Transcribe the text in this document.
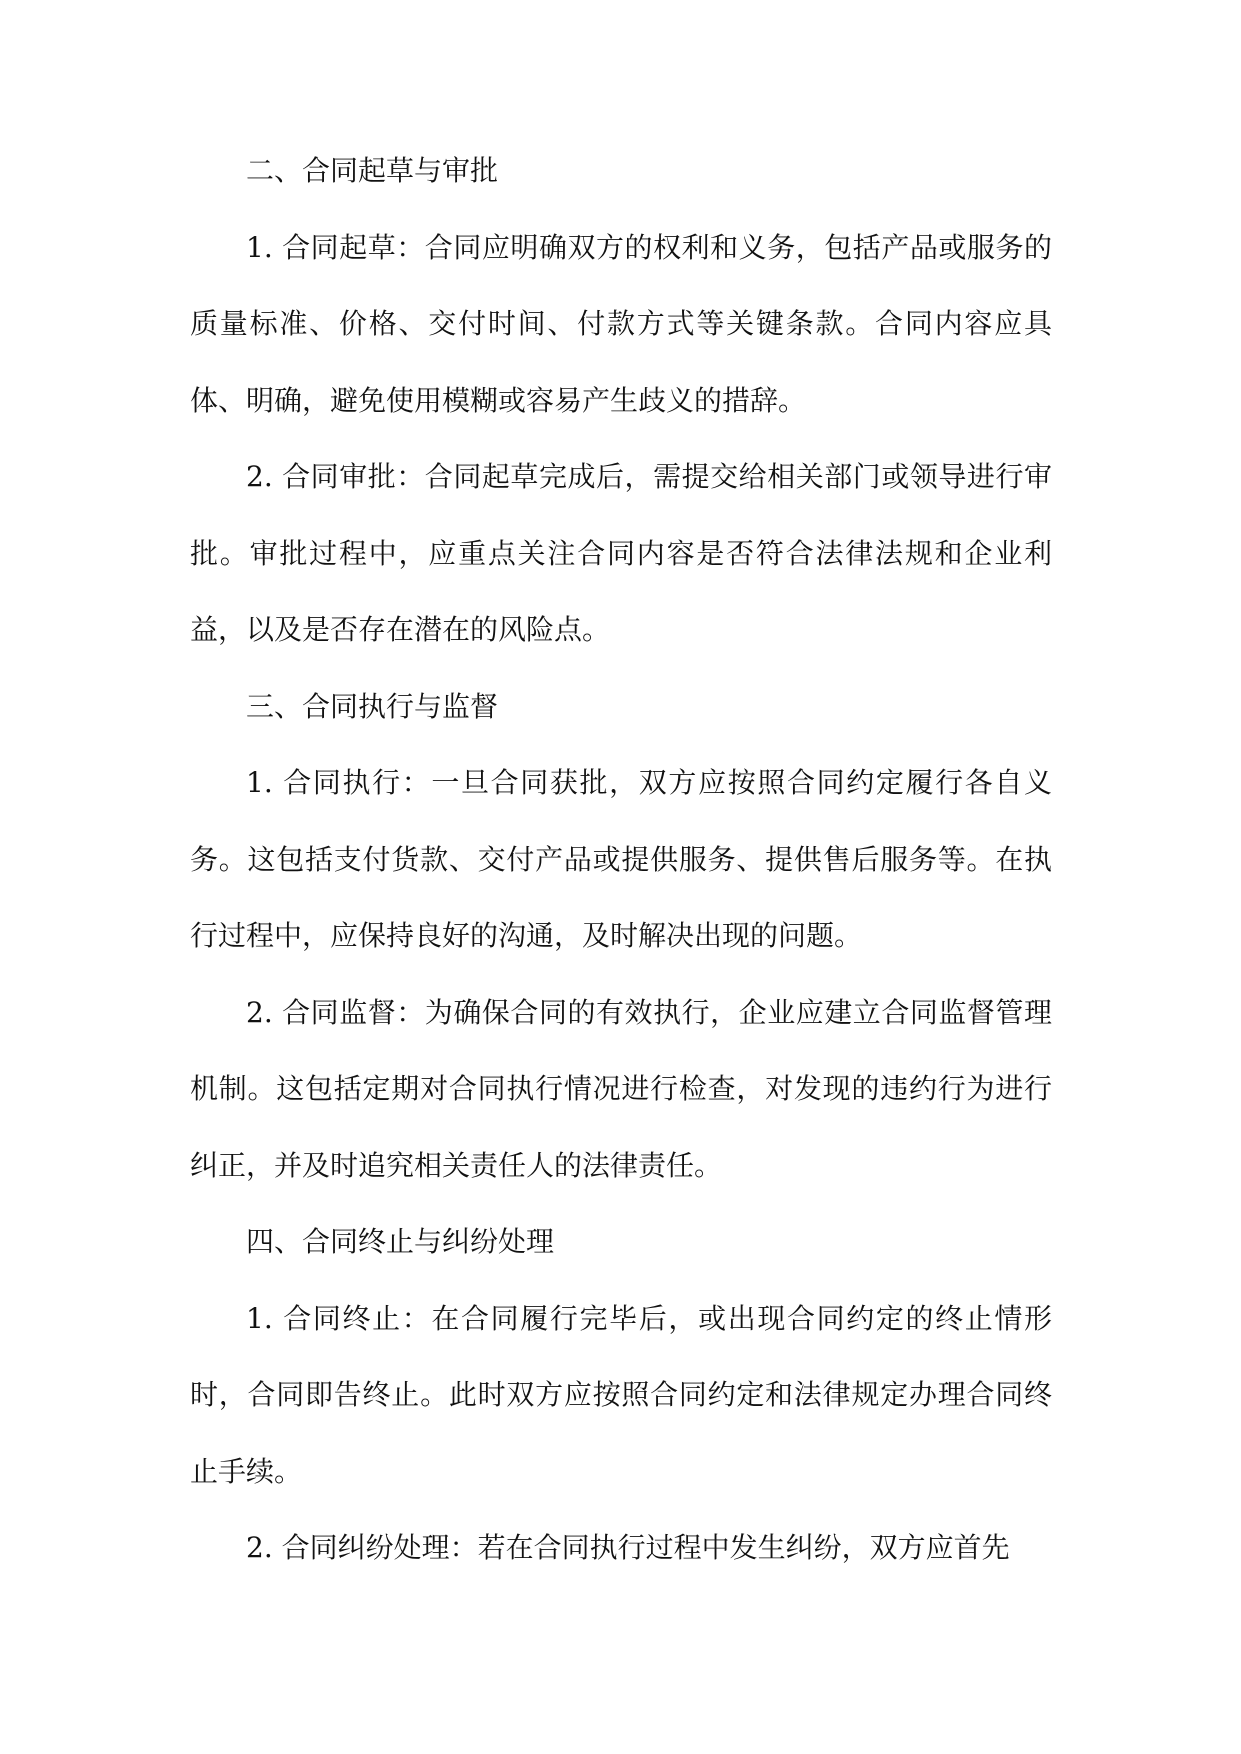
二、合同起草与审批

1. 合同起草：合同应明确双方的权利和义务，包括产品或服务的质量标准、价格、交付时间、付款方式等关键条款。合同内容应具体、明确，避免使用模糊或容易产生歧义的措辞。

2. 合同审批：合同起草完成后，需提交给相关部门或领导进行审批。审批过程中，应重点关注合同内容是否符合法律法规和企业利益，以及是否存在潜在的风险点。

三、合同执行与监督

1. 合同执行：一旦合同获批，双方应按照合同约定履行各自义务。这包括支付货款、交付产品或提供服务、提供售后服务等。在执行过程中，应保持良好的沟通，及时解决出现的问题。

2. 合同监督：为确保合同的有效执行，企业应建立合同监督管理机制。这包括定期对合同执行情况进行检查，对发现的违约行为进行纠正，并及时追究相关责任人的法律责任。

四、合同终止与纠纷处理

1. 合同终止：在合同履行完毕后，或出现合同约定的终止情形时，合同即告终止。此时双方应按照合同约定和法律规定办理合同终止手续。

2. 合同纠纷处理：若在合同执行过程中发生纠纷，双方应首先
